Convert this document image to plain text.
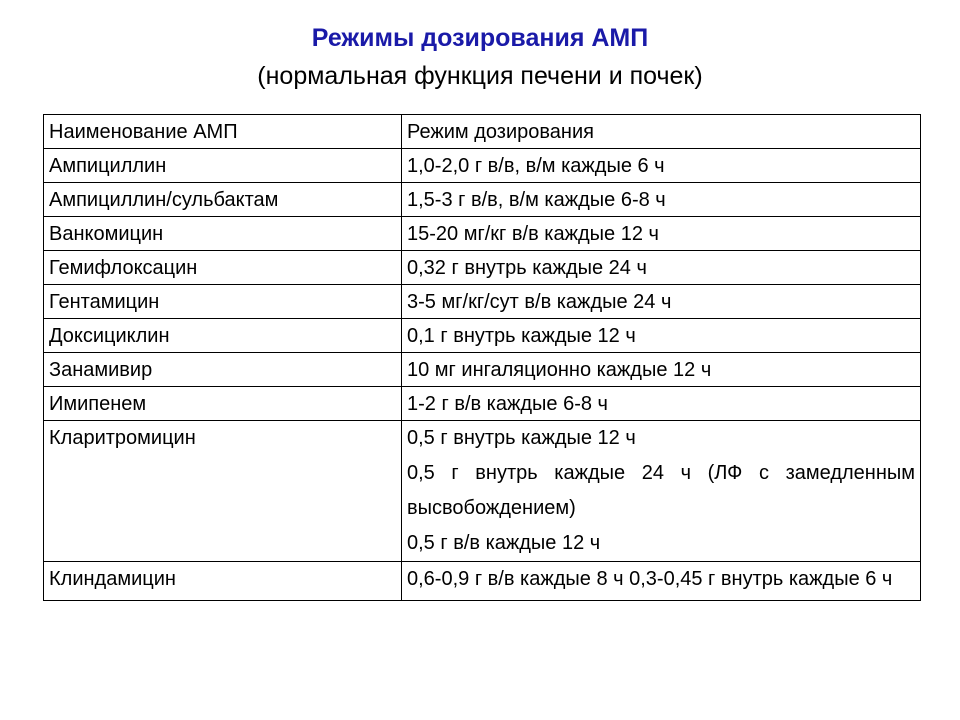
Режимы дозирования АМП
(нормальная функция печени и почек)
Наименование АМП	Режим дозирования
Ампициллин	1,0-2,0 г в/в, в/м каждые 6 ч
Ампициллин/сульбактам	1,5-3 г в/в, в/м каждые 6-8 ч
Ванкомицин	15-20 мг/кг в/в каждые 12 ч
Гемифлоксацин	0,32 г внутрь каждые 24 ч
Гентамицин	3-5 мг/кг/сут в/в каждые 24 ч
Доксициклин	0,1 г внутрь каждые 12 ч
Занамивир	10 мг ингаляционно каждые 12 ч
Имипенем	1-2 г в/в каждые 6-8 ч
Кларитромицин	0,5 г внутрь каждые 12 ч
0,5 г внутрь каждые 24 ч (ЛФ с замедленным высвобождением)
0,5 г в/в каждые 12 ч

Клиндамицин	0,6-0,9 г в/в каждые 8 ч 0,3-0,45 г внутрь каждые 6 ч
